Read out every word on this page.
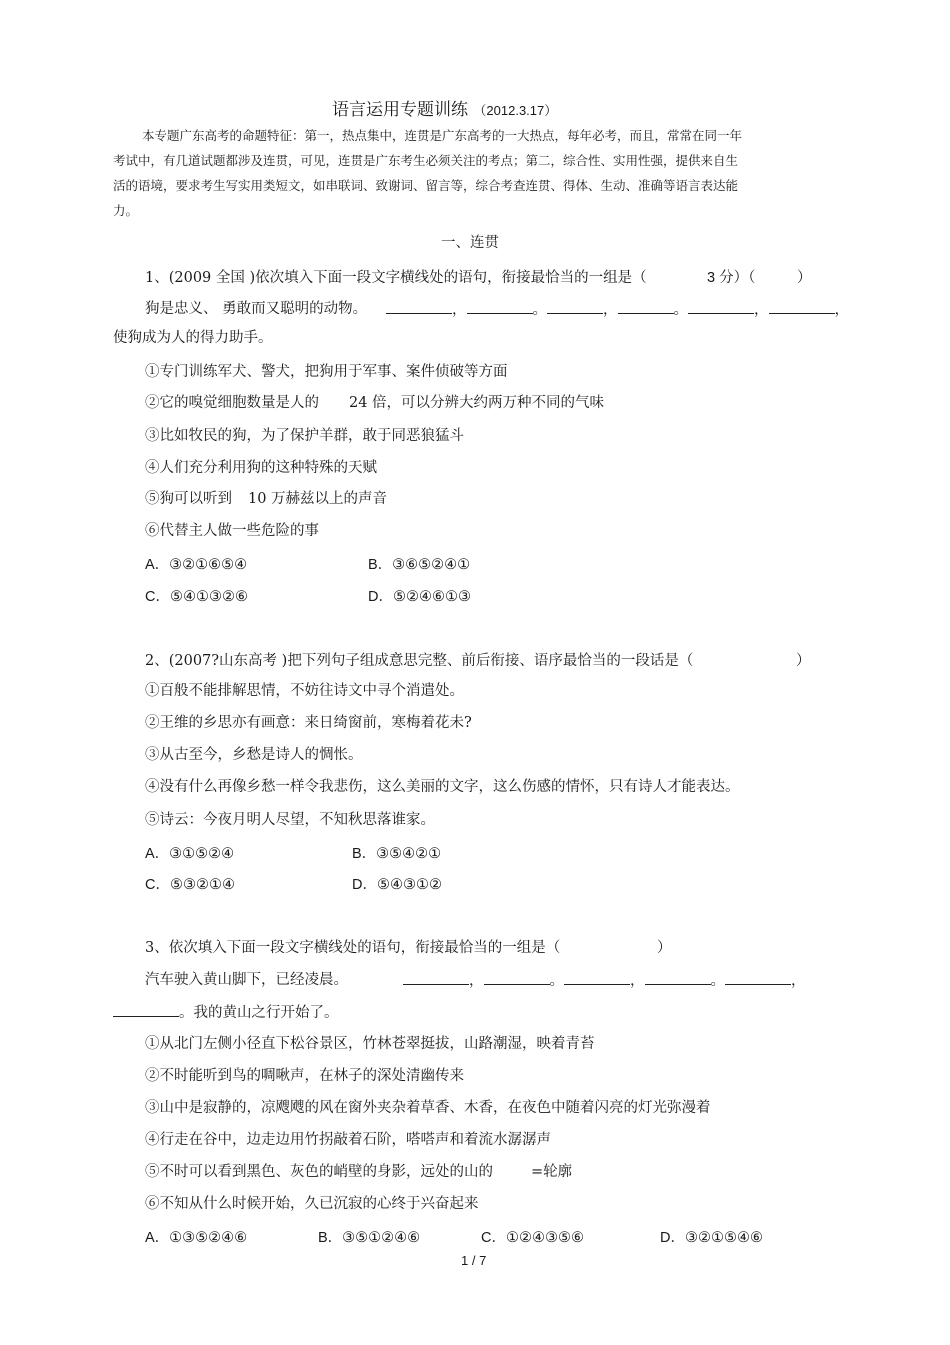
语言运用专题训练 （2012.3.17）
本专题广东高考的命题特征：第一，热点集中，连贯是广东高考的一大热点，每年必考，而且，常常在同一年
考试中，有几道试题都涉及连贯，可见，连贯是广东考生必须关注的考点；第二，综合性、实用性强，提供来自生
活的语境，要求考生写实用类短文，如串联词、致谢词、留言等，综合考查连贯、得体、生动、准确等语言表达能
力。
一、连贯
1、(2009 全国 )依次填入下面一段文字横线处的语句，衔接最恰当的一组是（	3 分）（	）
狗是忠义、 勇敢而又聪明的动物。	，	。	，	。	，	，
使狗成为人的得力助手。
①专门训练军犬、警犬，把狗用于军事、案件侦破等方面
②它的嗅觉细胞数量是人的 24 倍，可以分辨大约两万种不同的气味
③比如牧民的狗，为了保护羊群，敢于同恶狼猛斗
④人们充分利用狗的这种特殊的天赋
⑤狗可以听到 10 万赫兹以上的声音
⑥代替主人做一些危险的事
A．③②①⑥⑤④	B．③⑥⑤②④①
C．⑤④①③②⑥	D．⑤②④⑥①③
2、(2007?山东高考 )把下列句子组成意思完整、前后衔接、语序最恰当的一段话是（	）
①百般不能排解思情，不妨往诗文中寻个消遣处。
②王维的乡思亦有画意：来日绮窗前，寒梅着花未?
③从古至今，乡愁是诗人的惆怅。
④没有什么再像乡愁一样令我悲伤，这么美丽的文字，这么伤感的情怀，只有诗人才能表达。
⑤诗云：今夜月明人尽望，不知秋思落谁家。
A．③①⑤②④	B．③⑤④②①
C．⑤③②①④	D．⑤④③①②
3、依次填入下面一段文字横线处的语句，衔接最恰当的一组是（	）
汽车驶入黄山脚下，已经凌晨。	，	。	，	。	，
。我的黄山之行开始了。
①从北门左侧小径直下松谷景区，竹林苍翠挺拔，山路潮湿，映着青苔
②不时能听到鸟的啁啾声，在林子的深处清幽传来
③山中是寂静的，凉飕飕的风在窗外夹杂着草香、木香，在夜色中随着闪亮的灯光弥漫着
④行走在谷中，边走边用竹拐敲着石阶，嗒嗒声和着流水潺潺声
⑤不时可以看到黑色、灰色的峭壁的身影，远处的山的	=轮廓
⑥不知从什么时候开始，久已沉寂的心终于兴奋起来
A．①③⑤②④⑥	B．③⑤①②④⑥	C．①②④③⑤⑥	D．③②①⑤④⑥
1 / 7
